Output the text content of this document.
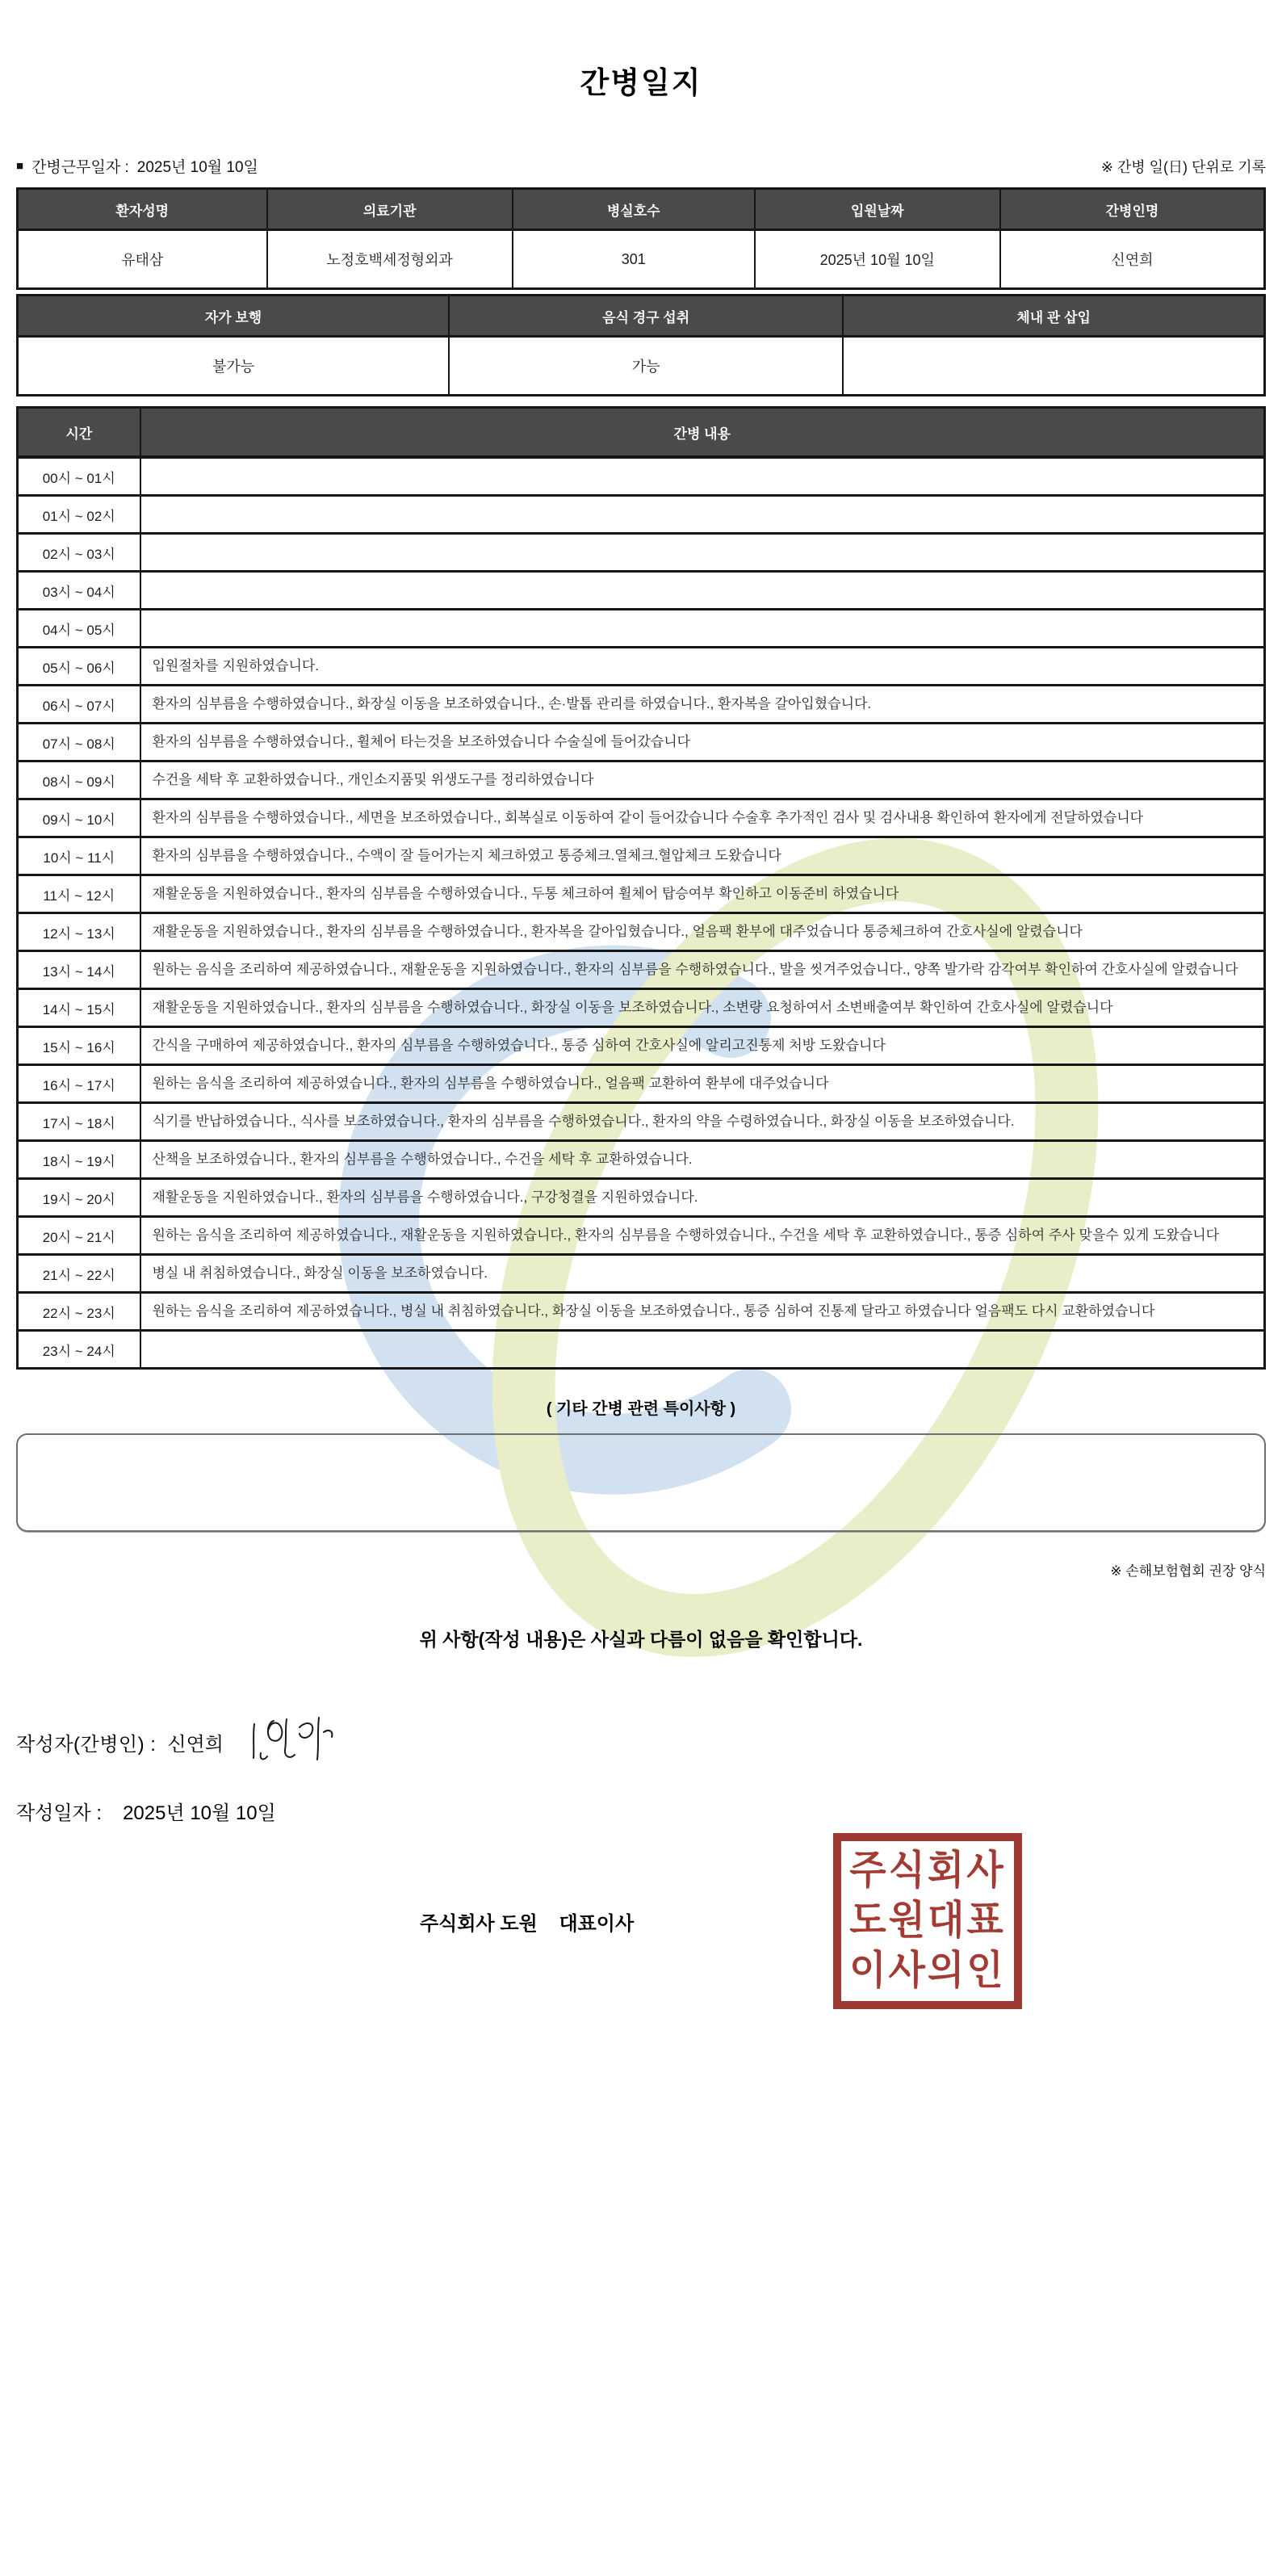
간병일지
■ 간병근무일자 : 2025년 10월 10일	※ 간병 일(日) 단위로 기록
환자성명	의료기관	병실호수	입원날짜	간병인명
유태삼	노정호백세정형외과	301	2025년 10월 10일	신연희
자가 보행	음식 경구 섭취	체내 관 삽입
불가능	가능	
시간	간병 내용
00시 ~ 01시	
01시 ~ 02시	
02시 ~ 03시	
03시 ~ 04시	
04시 ~ 05시	
05시 ~ 06시	입원절차를 지원하였습니다.
06시 ~ 07시	환자의 심부름을 수행하였습니다., 화장실 이동을 보조하였습니다., 손·발톱 관리를 하였습니다., 환자복을 갈아입혔습니다.
07시 ~ 08시	환자의 심부름을 수행하였습니다., 휠체어 타는것을 보조하였습니다 수술실에 들어갔습니다
08시 ~ 09시	수건을 세탁 후 교환하였습니다., 개인소지품및 위생도구를 정리하였습니다
09시 ~ 10시	환자의 심부름을 수행하였습니다., 세면을 보조하였습니다., 회복실로 이동하여 같이 들어갔습니다 수술후 추가적인 검사 및 검사내용 확인하여 환자에게 전달하였습니다
10시 ~ 11시	환자의 심부름을 수행하였습니다., 수액이 잘 들어가는지 체크하였고 통증체크.열체크.혈압체크 도왔습니다
11시 ~ 12시	재활운동을 지원하였습니다., 환자의 심부름을 수행하였습니다., 두통 체크하여 휠체어 탑승여부 확인하고 이동준비 하였습니다
12시 ~ 13시	재활운동을 지원하였습니다., 환자의 심부름을 수행하였습니다., 환자복을 갈아입혔습니다., 얼음팩 환부에 대주었습니다 통증체크하여 간호사실에 알렸습니다
13시 ~ 14시	원하는 음식을 조리하여 제공하였습니다., 재활운동을 지원하였습니다., 환자의 심부름을 수행하였습니다., 발을 씻겨주었습니다., 양쪽 발가락 감각여부 확인하여 간호사실에 알렸습니다
14시 ~ 15시	재활운동을 지원하였습니다., 환자의 심부름을 수행하였습니다., 화장실 이동을 보조하였습니다., 소변량 요청하여서 소변배출여부 확인하여 간호사실에 알렸습니다
15시 ~ 16시	간식을 구매하여 제공하였습니다., 환자의 심부름을 수행하였습니다., 통증 심하여 간호사실에 알리고진통제 처방 도왔습니다
16시 ~ 17시	원하는 음식을 조리하여 제공하였습니다., 환자의 심부름을 수행하였습니다., 얼음팩 교환하여 환부에 대주었습니다
17시 ~ 18시	식기를 반납하였습니다., 식사를 보조하였습니다., 환자의 심부름을 수행하였습니다., 환자의 약을 수령하였습니다., 화장실 이동을 보조하였습니다.
18시 ~ 19시	산책을 보조하였습니다., 환자의 심부름을 수행하였습니다., 수건을 세탁 후 교환하였습니다.
19시 ~ 20시	재활운동을 지원하였습니다., 환자의 심부름을 수행하였습니다., 구강청결을 지원하였습니다.
20시 ~ 21시	원하는 음식을 조리하여 제공하였습니다., 재활운동을 지원하였습니다., 환자의 심부름을 수행하였습니다., 수건을 세탁 후 교환하였습니다., 통증 심하여 주사 맞을수 있게 도왔습니다
21시 ~ 22시	병실 내 취침하였습니다., 화장실 이동을 보조하였습니다.
22시 ~ 23시	원하는 음식을 조리하여 제공하였습니다., 병실 내 취침하였습니다., 화장실 이동을 보조하였습니다., 통증 심하여 진통제 달라고 하였습니다 얼음팩도 다시 교환하였습니다
23시 ~ 24시	
( 기타 간병 관련 특이사항 )
※ 손해보험협회 권장 양식
위 사항(작성 내용)은 사실과 다름이 없음을 확인합니다.
작성자(간병인) : 신연희
작성일자 : 2025년 10월 10일
주식회사 도원    대표이사
주식회사
도원대표
이사의인
